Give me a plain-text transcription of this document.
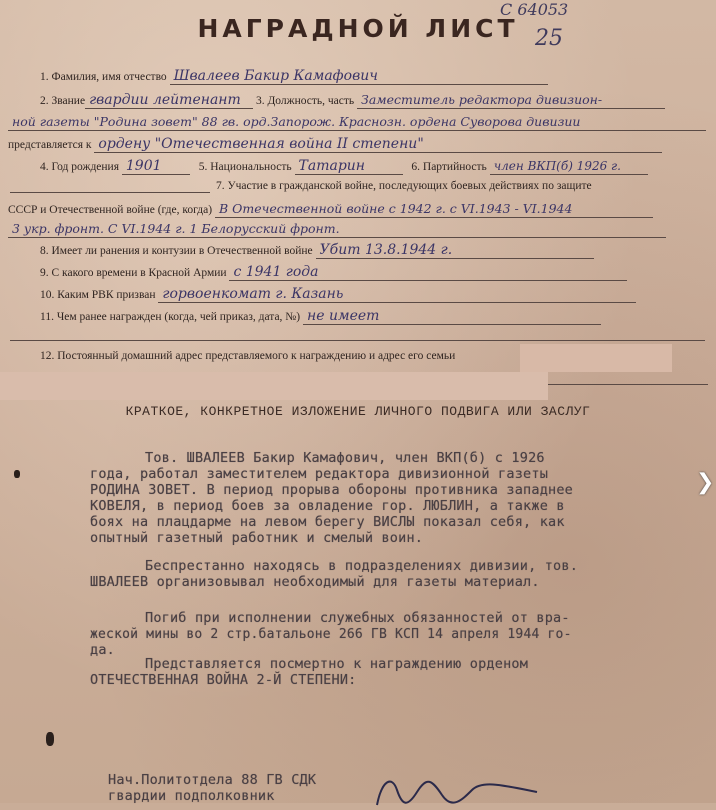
С 64053
25
НАГРАДНОЙ ЛИСТ
1. Фамилия, имя отчество Швалеев Бакир Камафович
2. Звание гвардии лейтенант 3. Должность, часть Заместитель редактора дивизион-
ной газеты "Родина зовет" 88 гв. орд.Запорож. Краснозн. ордена Суворова дивизии
представляется к ордену "Отечественная война II степени"
4. Год рождения 1901	5. Национальность Татарин	6. Партийность член ВКП(б) 1926 г.
7. Участие в гражданской войне, последующих боевых действиях по защите
СССР и Отечественной войне (где, когда) В Отечественной войне с 1942 г. с VI.1943 - VI.1944
3 укр. фронт. С VI.1944 г. 1 Белорусский фронт.
8. Имеет ли ранения и контузии в Отечественной войне Убит 13.8.1944 г.
9. С какого времени в Красной Армии с 1941 года
10. Каким РВК призван горвоенкомат г. Казань
11. Чем ранее награжден (когда, чей приказ, дата, №) не имеет
12. Постоянный домашний адрес представляемого к награждению и адрес его семьи
КРАТКОЕ, КОНКРЕТНОЕ ИЗЛОЖЕНИЕ ЛИЧНОГО ПОДВИГА ИЛИ ЗАСЛУГ
Тов. ШВАЛЕЕВ Бакир Камафович, член ВКП(б) с 1926
года, работал заместителем редактора дивизионной газеты
РОДИНА ЗОВЕТ. В период прорыва обороны противника западнее
КОВЕЛЯ, в период боев за овладение гор. ЛЮБЛИН, а также в
боях на плацдарме на левом берегу ВИСЛЫ показал себя, как
опытный газетный работник и смелый воин.
Беспрестанно находясь в подразделениях дивизии, тов.
ШВАЛЕЕВ организовывал необходимый для газеты материал.
Погиб при исполнении служебных обязанностей от вра-
жеской мины во 2 стр.батальоне 266 ГВ КСП 14 апреля 1944 го-
да.
Представляется посмертно к награждению орденом
ОТЕЧЕСТВЕННАЯ ВОЙНА 2-Й СТЕПЕНИ:
Нач.Политотдела 88 ГВ СДК
гвардии подполковник
❯
